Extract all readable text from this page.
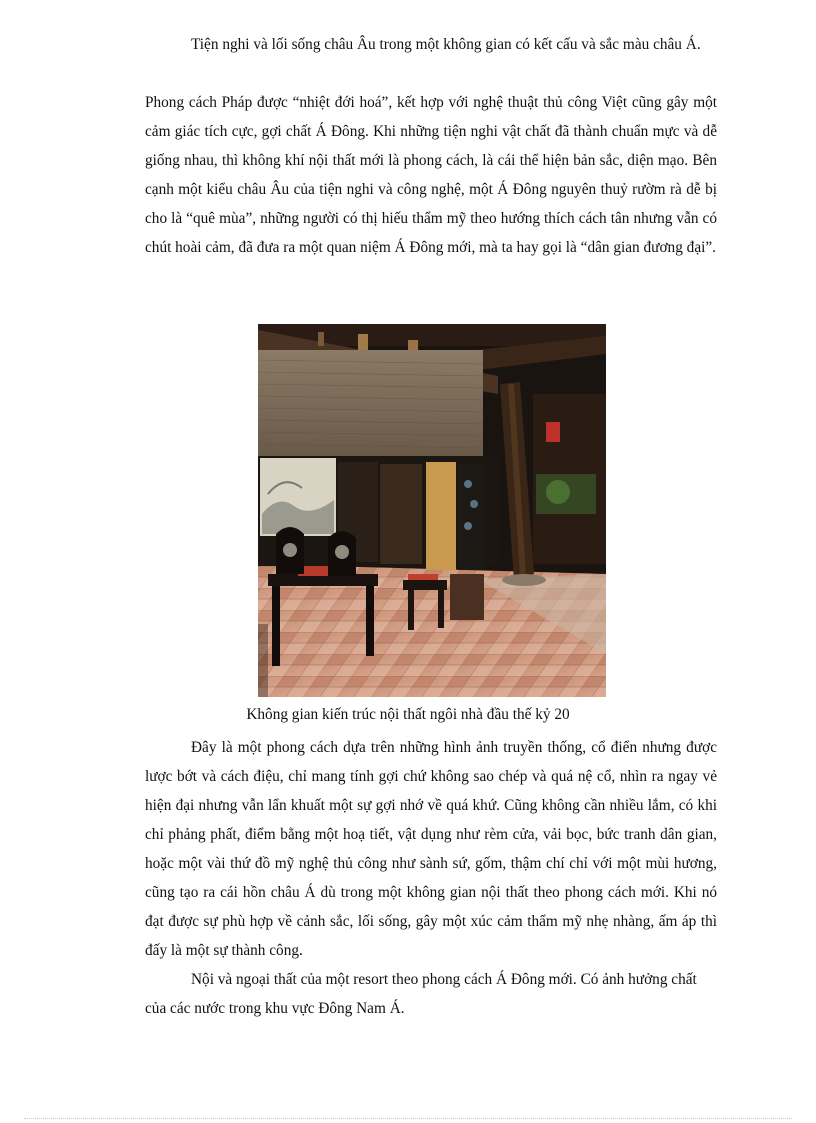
Tiện nghi và lối sống châu Âu trong một không gian có kết cấu và sắc màu châu Á.

Phong cách Pháp được “nhiệt đới hoá”, kết hợp với nghệ thuật thủ công Việt cũng gây một cảm giác tích cực, gợi chất Á Đông. Khi những tiện nghi vật chất đã thành chuẩn mực và dễ giống nhau, thì không khí nội thất mới là phong cách, là cái thể hiện bản sắc, diện mạo. Bên cạnh một kiểu châu Âu của tiện nghi và công nghệ, một Á Đông nguyên thuỷ rườm rà dễ bị cho là “quê mùa”, những người có thị hiếu thẩm mỹ theo hướng thích cách tân nhưng vẫn có chút hoài cảm, đã đưa ra một quan niệm Á Đông mới, mà ta hay gọi là “dân gian đương đại”.

Không gian kiến trúc nội thất ngôi nhà đầu thế kỷ 20

Đây là một phong cách dựa trên những hình ảnh truyền thống, cổ điển nhưng được lược bớt và cách điệu, chỉ mang tính gợi chứ không sao chép và quá nệ cổ, nhìn ra ngay vẻ hiện đại nhưng vẫn lẩn khuất một sự gợi nhớ về quá khứ. Cũng không cần nhiều lắm, có khi chỉ phảng phất, điểm bằng một hoạ tiết, vật dụng như rèm cửa, vải bọc, bức tranh dân gian, hoặc một vài thứ đồ mỹ nghệ thủ công như sành sứ, gốm, thậm chí chỉ với một mùi hương, cũng tạo ra cái hồn châu Á dù trong một không gian nội thất theo phong cách mới. Khi nó đạt được sự phù hợp về cảnh sắc, lối sống, gây một xúc cảm thẩm mỹ nhẹ nhàng, ấm áp thì đấy là một sự thành công.

Nội và ngoại thất của một resort theo phong cách Á Đông mới. Có ảnh hưởng chất của các nước trong khu vực Đông Nam Á.
